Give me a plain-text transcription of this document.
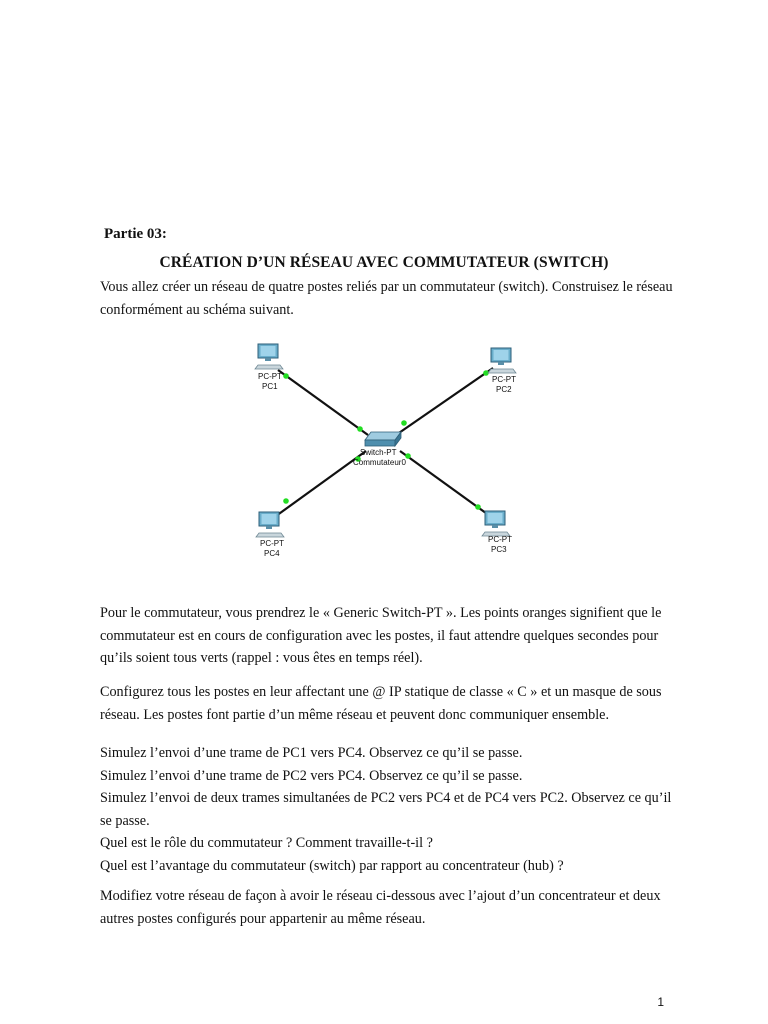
Partie 03:
CRÉATION D’UN RÉSEAU AVEC COMMUTATEUR (SWITCH)

Vous allez créer un réseau de quatre postes reliés par un commutateur (switch). Construisez le réseau conformément au schéma suivant.

PC-PT
PC1
PC-PT
PC2
Switch-PT
Commutateur0
PC-PT
PC4
PC-PT
PC3

Pour le commutateur, vous prendrez le « Generic Switch-PT ». Les points oranges signifient que le commutateur est en cours de configuration avec les postes, il faut attendre quelques secondes pour qu’ils soient tous verts (rappel : vous êtes en temps réel).

Configurez tous les postes en leur affectant une @ IP statique de classe « C » et un masque de sous réseau. Les postes font partie d’un même réseau et peuvent donc communiquer ensemble.

Simulez l’envoi d’une trame de PC1 vers PC4. Observez ce qu’il se passe.
Simulez l’envoi d’une trame de PC2 vers PC4. Observez ce qu’il se passe.
Simulez l’envoi de deux trames simultanées de PC2 vers PC4 et de PC4 vers PC2. Observez ce qu’il se passe.
Quel est le rôle du commutateur ? Comment travaille-t-il ?
Quel est l’avantage du commutateur (switch) par rapport au concentrateur (hub) ?

Modifiez votre réseau de façon à avoir le réseau ci-dessous avec l’ajout d’un concentrateur et deux autres postes configurés pour appartenir au même réseau.

1
